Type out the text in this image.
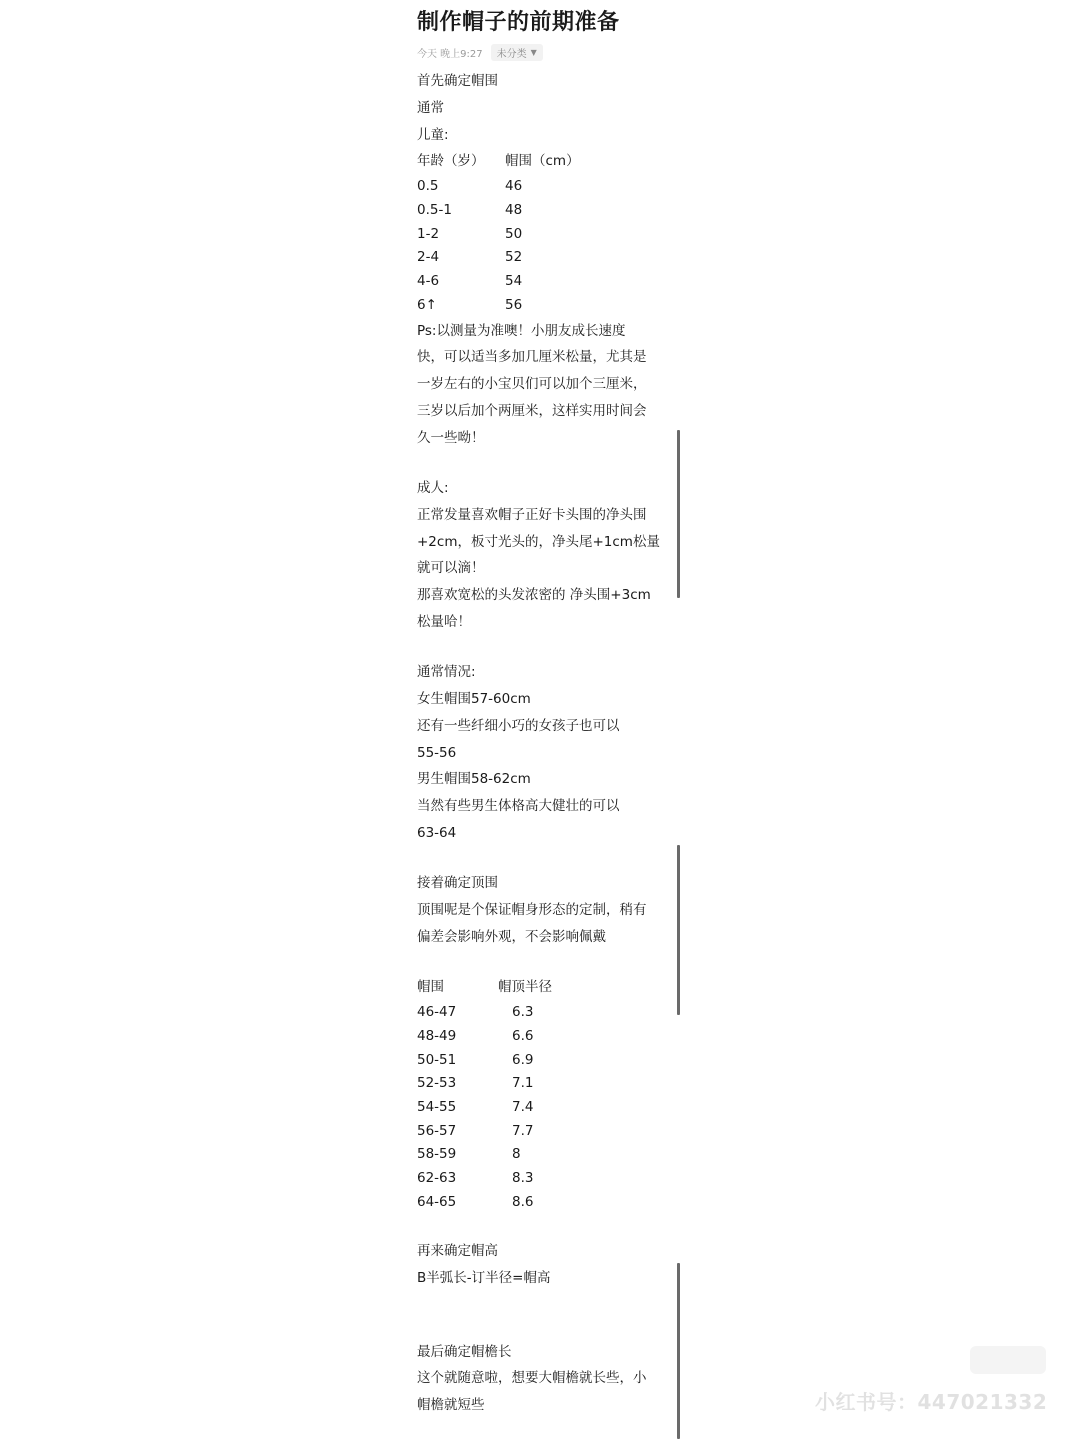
制作帽子的前期准备
今天 晚上9:27 未分类 ▼
首先确定帽围
通常
儿童:
年龄（岁）	帽围（cm）
0.5	46
0.5-1	48
1-2	50
2-4	52
4-6	54
6↑	56
Ps:以测量为准噢！小朋友成长速度
快，可以适当多加几厘米松量，尤其是
一岁左右的小宝贝们可以加个三厘米，
三岁以后加个两厘米，这样实用时间会
久一些呦！
成人:
正常发量喜欢帽子正好卡头围的净头围
+2cm，板寸光头的，净头尾+1cm松量
就可以滴！
那喜欢宽松的头发浓密的 净头围+3cm
松量哈！
通常情况:
女生帽围57-60cm
还有一些纤细小巧的女孩子也可以
55-56
男生帽围58-62cm
当然有些男生体格高大健壮的可以
63-64
接着确定顶围
顶围呢是个保证帽身形态的定制，稍有
偏差会影响外观，不会影响佩戴
帽围	帽顶半径
46-47	6.3
48-49	6.6
50-51	6.9
52-53	7.1
54-55	7.4
56-57	7.7
58-59	8
62-63	8.3
64-65	8.6
再来确定帽高
B半弧长-订半径=帽高
最后确定帽檐长
这个就随意啦，想要大帽檐就长些，小
帽檐就短些	小红书号：447021332
